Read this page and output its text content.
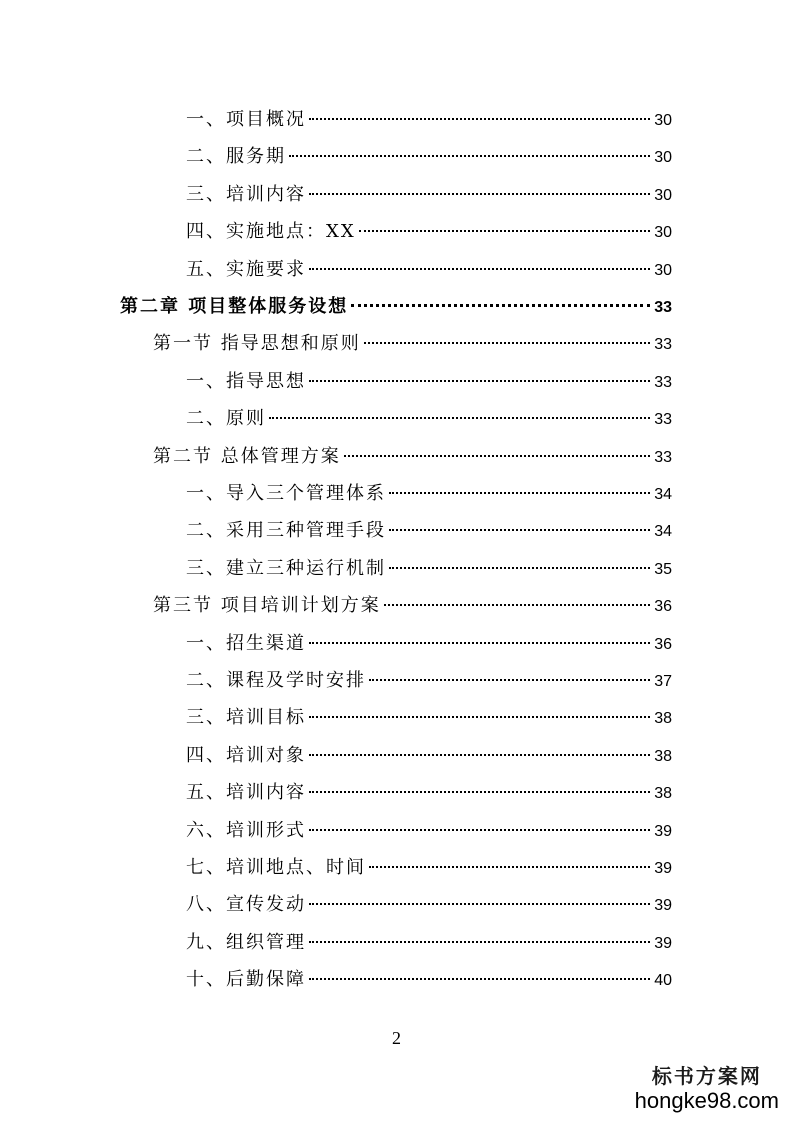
一、项目概况	30
二、服务期	30
三、培训内容	30
四、实施地点：XX	30
五、实施要求	30
第二章 项目整体服务设想	33
第一节 指导思想和原则	33
一、指导思想	33
二、原则	33
第二节 总体管理方案	33
一、导入三个管理体系	34
二、采用三种管理手段	34
三、建立三种运行机制	35
第三节 项目培训计划方案	36
一、招生渠道	36
二、课程及学时安排	37
三、培训目标	38
四、培训对象	38
五、培训内容	38
六、培训形式	39
七、培训地点、时间	39
八、宣传发动	39
九、组织管理	39
十、后勤保障	40
2
标书方案网
hongke98.com
